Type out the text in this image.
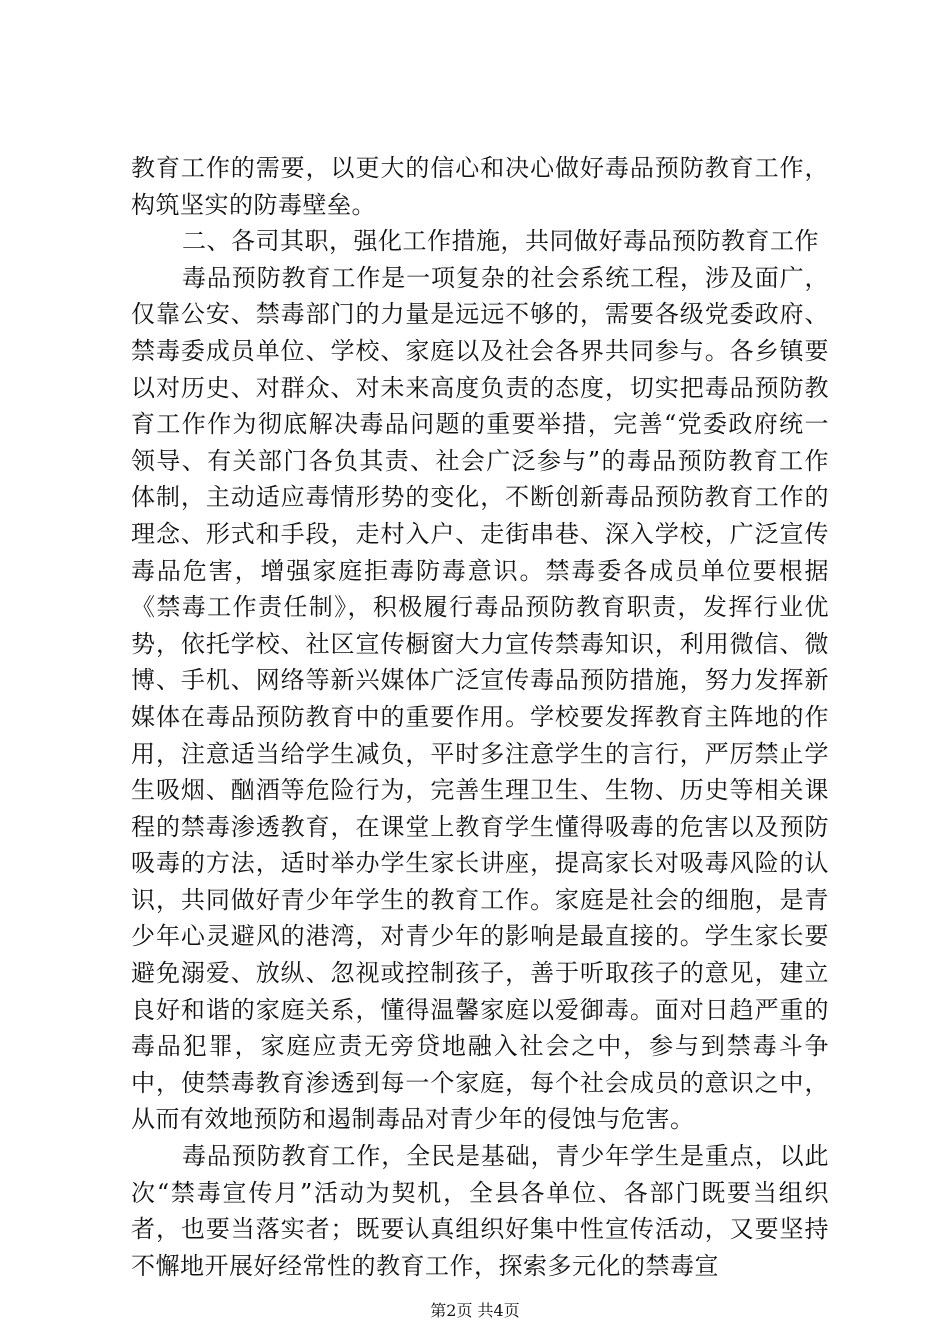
教育工作的需要，以更大的信心和决心做好毒品预防教育工作，构筑坚实的防毒壁垒。

二、各司其职，强化工作措施，共同做好毒品预防教育工作

毒品预防教育工作是一项复杂的社会系统工程，涉及面广，仅靠公安、禁毒部门的力量是远远不够的，需要各级党委政府、禁毒委成员单位、学校、家庭以及社会各界共同参与。各乡镇要以对历史、对群众、对未来高度负责的态度，切实把毒品预防教育工作作为彻底解决毒品问题的重要举措，完善“党委政府统一领导、有关部门各负其责、社会广泛参与”的毒品预防教育工作体制，主动适应毒情形势的变化，不断创新毒品预防教育工作的理念、形式和手段，走村入户、走街串巷、深入学校，广泛宣传毒品危害，增强家庭拒毒防毒意识。禁毒委各成员单位要根据《禁毒工作责任制》，积极履行毒品预防教育职责，发挥行业优势，依托学校、社区宣传橱窗大力宣传禁毒知识，利用微信、微博、手机、网络等新兴媒体广泛宣传毒品预防措施，努力发挥新媒体在毒品预防教育中的重要作用。学校要发挥教育主阵地的作用，注意适当给学生减负，平时多注意学生的言行，严厉禁止学生吸烟、酗酒等危险行为，完善生理卫生、生物、历史等相关课程的禁毒渗透教育，在课堂上教育学生懂得吸毒的危害以及预防吸毒的方法，适时举办学生家长讲座，提高家长对吸毒风险的认识，共同做好青少年学生的教育工作。家庭是社会的细胞，是青少年心灵避风的港湾，对青少年的影响是最直接的。学生家长要避免溺爱、放纵、忽视或控制孩子，善于听取孩子的意见，建立良好和谐的家庭关系，懂得温馨家庭以爱御毒。面对日趋严重的毒品犯罪，家庭应责无旁贷地融入社会之中，参与到禁毒斗争中，使禁毒教育渗透到每一个家庭，每个社会成员的意识之中，从而有效地预防和遏制毒品对青少年的侵蚀与危害。

毒品预防教育工作，全民是基础，青少年学生是重点，以此次“禁毒宣传月”活动为契机，全县各单位、各部门既要当组织者，也要当落实者；既要认真组织好集中性宣传活动，又要坚持不懈地开展好经常性的教育工作，探索多元化的禁毒宣

第2页 共4页
